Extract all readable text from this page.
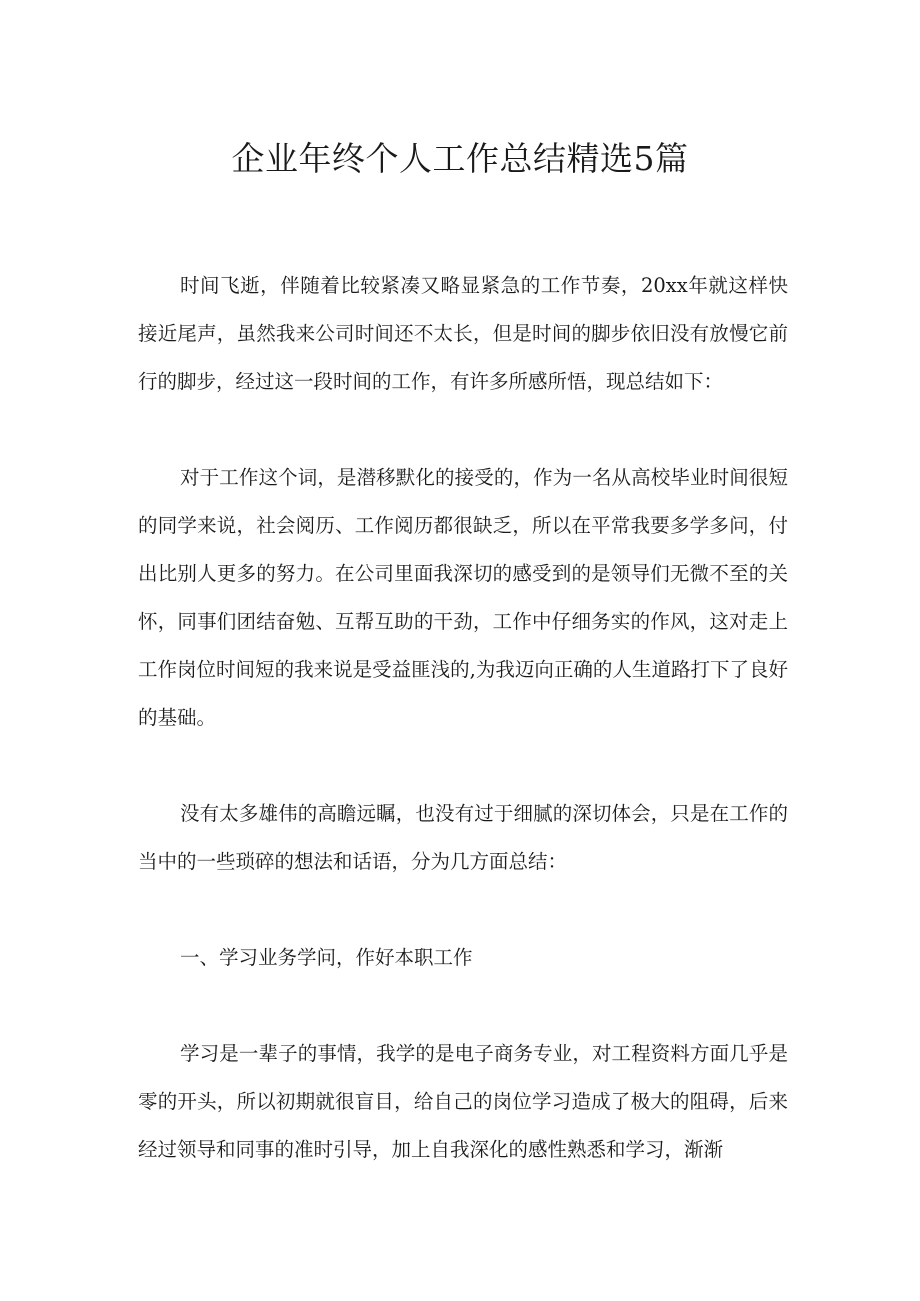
企业年终个人工作总结精选5篇

时间飞逝，伴随着比较紧凑又略显紧急的工作节奏，20xx年就这样快接近尾声，虽然我来公司时间还不太长，但是时间的脚步依旧没有放慢它前行的脚步，经过这一段时间的工作，有许多所感所悟，现总结如下：

对于工作这个词，是潜移默化的接受的，作为一名从高校毕业时间很短的同学来说，社会阅历、工作阅历都很缺乏，所以在平常我要多学多问，付出比别人更多的努力。在公司里面我深切的感受到的是领导们无微不至的关怀，同事们团结奋勉、互帮互助的干劲，工作中仔细务实的作风，这对走上工作岗位时间短的我来说是受益匪浅的,为我迈向正确的人生道路打下了良好的基础。

没有太多雄伟的高瞻远瞩，也没有过于细腻的深切体会，只是在工作的当中的一些琐碎的想法和话语，分为几方面总结：

一、学习业务学问，作好本职工作

学习是一辈子的事情，我学的是电子商务专业，对工程资料方面几乎是零的开头，所以初期就很盲目，给自己的岗位学习造成了极大的阻碍，后来经过领导和同事的准时引导，加上自我深化的感性熟悉和学习，渐渐
